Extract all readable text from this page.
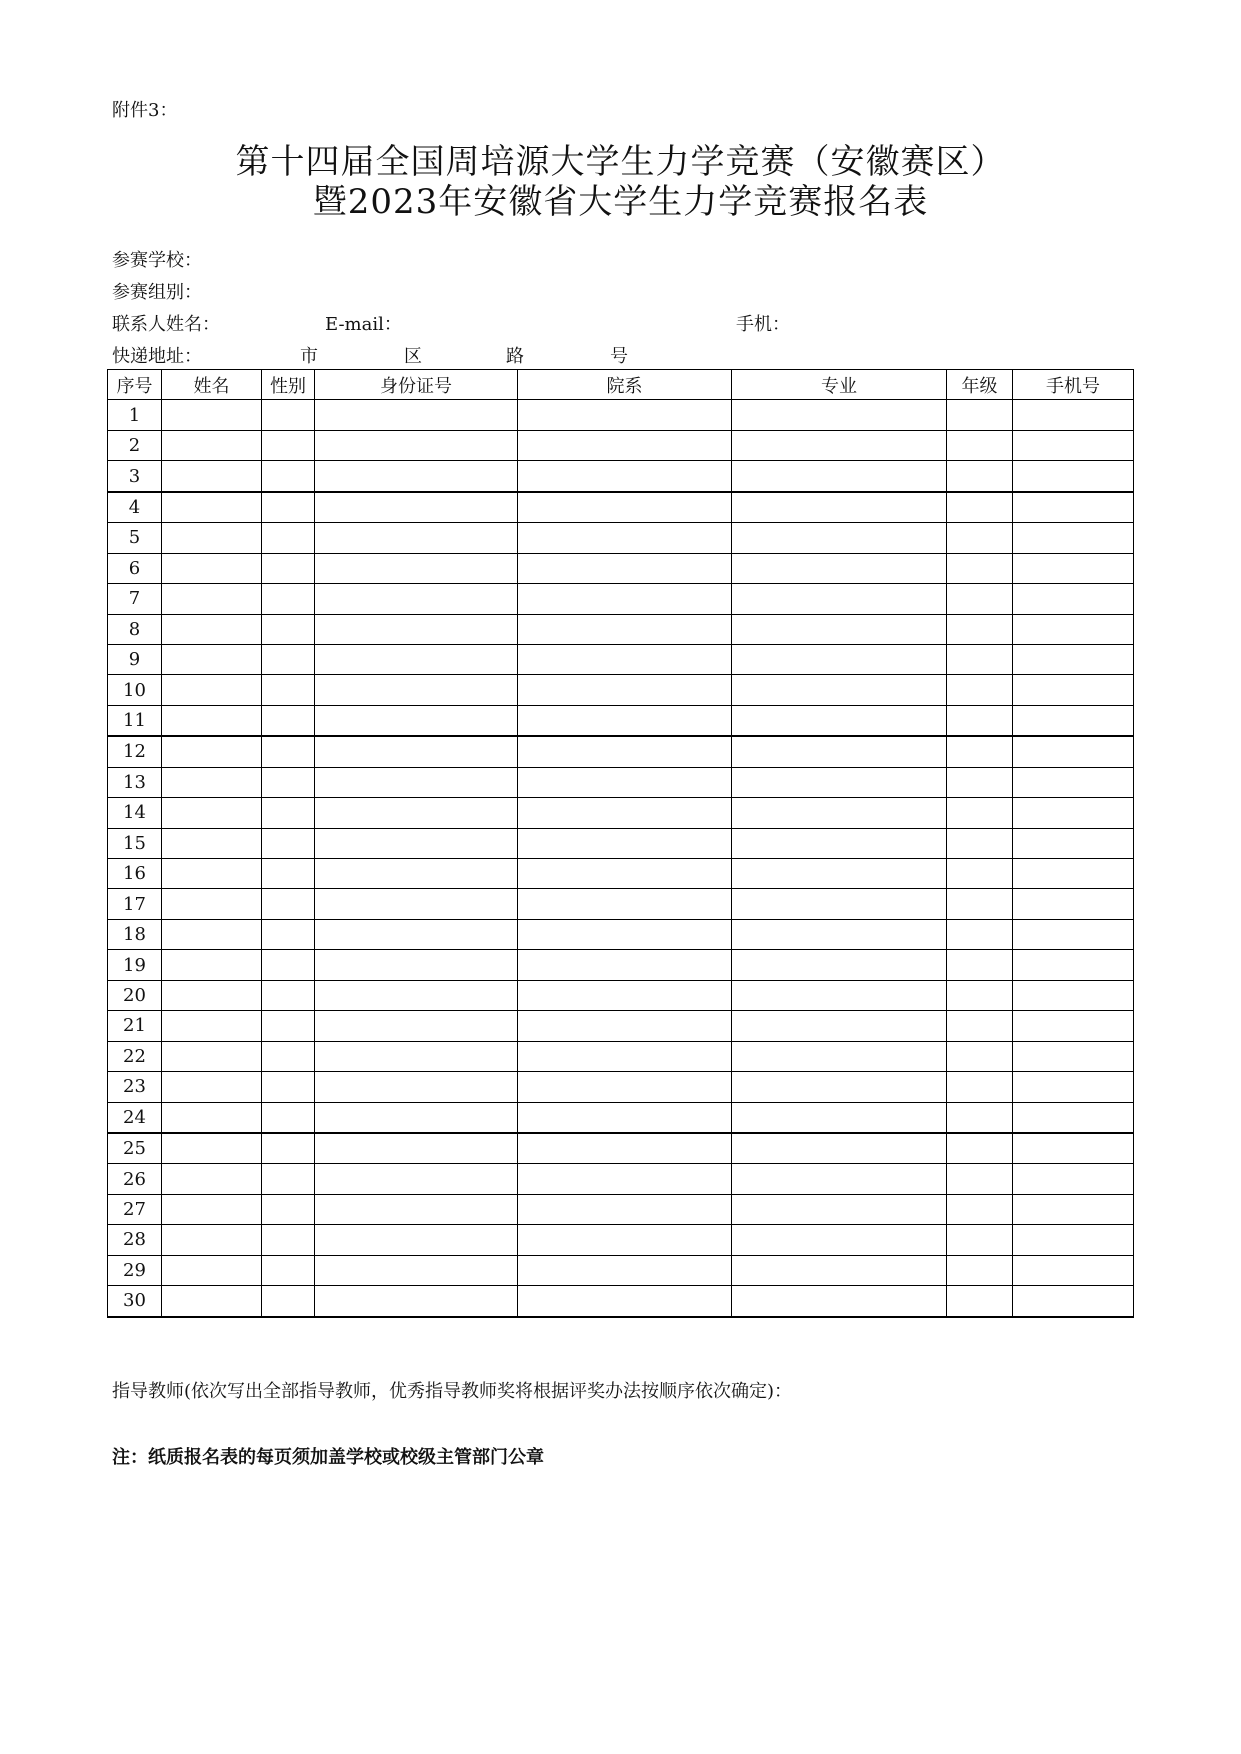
附件3：
第十四届全国周培源大学生力学竞赛（安徽赛区）
暨2023年安徽省大学生力学竞赛报名表
参赛学校：
参赛组别：
联系人姓名：	E-mail：	手机：
快递地址：	市	区	路	号
序号	姓名	性别	身份证号	院系	专业	年级	手机号
1							
2							
3							
4							
5							
6							
7							
8							
9							
10							
11							
12							
13							
14							
15							
16							
17							
18							
19							
20							
21							
22							
23							
24							
25							
26							
27							
28							
29							
30							
指导教师(依次写出全部指导教师，优秀指导教师奖将根据评奖办法按顺序依次确定)：
注：纸质报名表的每页须加盖学校或校级主管部门公章
